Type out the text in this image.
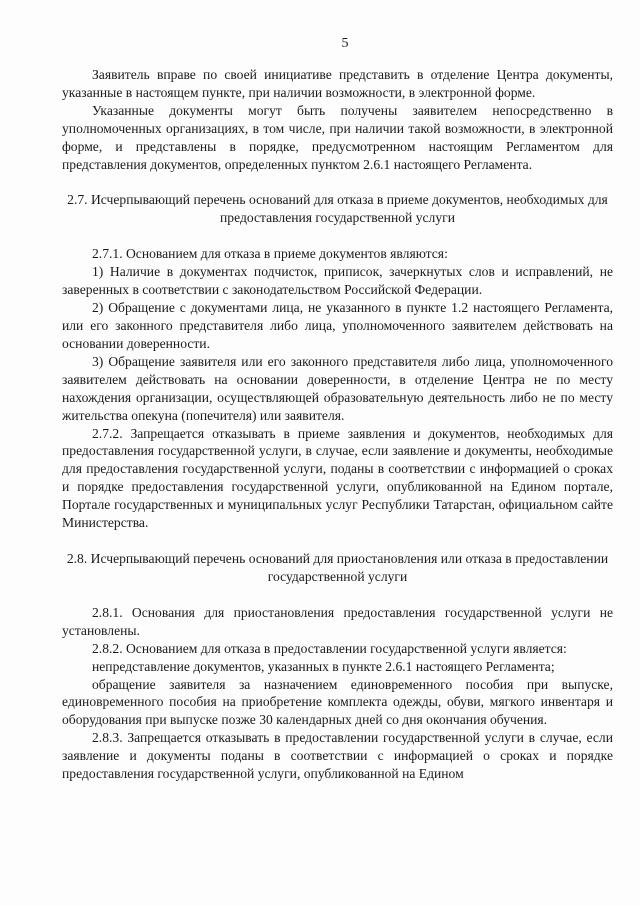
5

Заявитель вправе по своей инициативе представить в отделение Центра документы, указанные в настоящем пункте, при наличии возможности, в электронной форме.

Указанные документы могут быть получены заявителем непосредственно в уполномоченных организациях, в том числе, при наличии такой возможности, в электронной форме, и представлены в порядке, предусмотренном настоящим Регламентом для представления документов, определенных пунктом 2.6.1 настоящего Регламента.

2.7. Исчерпывающий перечень оснований для отказа в приеме документов, необходимых для предоставления государственной услуги

2.7.1. Основанием для отказа в приеме документов являются:

1) Наличие в документах подчисток, приписок, зачеркнутых слов и исправлений, не заверенных в соответствии с законодательством Российской Федерации.

2) Обращение с документами лица, не указанного в пункте 1.2 настоящего Регламента, или его законного представителя либо лица, уполномоченного заявителем действовать на основании доверенности.

3) Обращение заявителя или его законного представителя либо лица, уполномоченного заявителем действовать на основании доверенности, в отделение Центра не по месту нахождения организации, осуществляющей образовательную деятельность либо не по месту жительства опекуна (попечителя) или заявителя.

2.7.2. Запрещается отказывать в приеме заявления и документов, необходимых для предоставления государственной услуги, в случае, если заявление и документы, необходимые для предоставления государственной услуги, поданы в соответствии с информацией о сроках и порядке предоставления государственной услуги, опубликованной на Едином портале, Портале государственных и муниципальных услуг Республики Татарстан, официальном сайте Министерства.

2.8. Исчерпывающий перечень оснований для приостановления или отказа в предоставлении государственной услуги

2.8.1. Основания для приостановления предоставления государственной услуги не установлены.

2.8.2. Основанием для отказа в предоставлении государственной услуги является:

непредставление документов, указанных в пункте 2.6.1 настоящего Регламента;

обращение заявителя за назначением единовременного пособия при выпуске, единовременного пособия на приобретение комплекта одежды, обуви, мягкого инвентаря и оборудования при выпуске позже 30 календарных дней со дня окончания обучения.

2.8.3. Запрещается отказывать в предоставлении государственной услуги в случае, если заявление и документы поданы в соответствии с информацией о сроках и порядке предоставления государственной услуги, опубликованной на Едином
